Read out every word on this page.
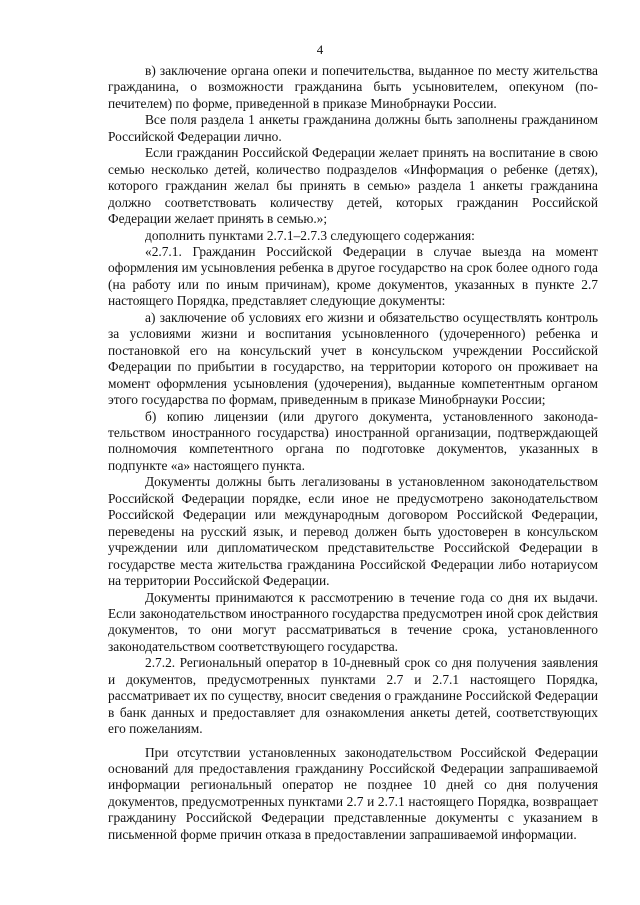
4

в) заключение органа опеки и попечительства, выданное по месту жительства гражданина, о возможности гражданина быть усыновителем, опекуном (попечителем) по форме, приведенной в приказе Минобрнауки России.

Все поля раздела 1 анкеты гражданина должны быть заполнены гражданином Российской Федерации лично.

Если гражданин Российской Федерации желает принять на воспитание в свою семью несколько детей, количество подразделов «Информация о ребенке (детях), которого гражданин желал бы принять в семью» раздела 1 анкеты гражданина должно соответствовать количеству детей, которых гражданин Российской Федерации желает принять в семью.»;

дополнить пунктами 2.7.1–2.7.3 следующего содержания:

«2.7.1. Гражданин Российской Федерации в случае выезда на момент оформления им усыновления ребенка в другое государство на срок более одного года (на работу или по иным причинам), кроме документов, указанных в пункте 2.7 настоящего Порядка, представляет следующие документы:

а) заключение об условиях его жизни и обязательство осуществлять контроль за условиями жизни и воспитания усыновленного (удочеренного) ребенка и постановкой его на консульский учет в консульском учреждении Российской Федерации по прибытии в государство, на территории которого он проживает на момент оформления усыновления (удочерения), выданные компетентным органом этого государства по формам, приведенным в приказе Минобрнауки России;

б) копию лицензии (или другого документа, установленного законодательством иностранного государства) иностранной организации, подтверждающей полномочия компетентного органа по подготовке документов, указанных в подпункте «а» настоящего пункта.

Документы должны быть легализованы в установленном законодательством Российской Федерации порядке, если иное не предусмотрено законодательством Российской Федерации или международным договором Российской Федерации, переведены на русский язык, и перевод должен быть удостоверен в консульском учреждении или дипломатическом представительстве Российской Федерации в государстве места жительства гражданина Российской Федерации либо нотариусом на территории Российской Федерации.

Документы принимаются к рассмотрению в течение года со дня их выдачи. Если законодательством иностранного государства предусмотрен иной срок действия документов, то они могут рассматриваться в течение срока, установленного законодательством соответствующего государства.

2.7.2. Региональный оператор в 10-дневный срок со дня получения заявления и документов, предусмотренных пунктами 2.7 и 2.7.1 настоящего Порядка, рассматривает их по существу, вносит сведения о гражданине Российской Федерации в банк данных и предоставляет для ознакомления анкеты детей, соответствующих его пожеланиям.

При отсутствии установленных законодательством Российской Федерации оснований для предоставления гражданину Российской Федерации запрашиваемой информации региональный оператор не позднее 10 дней со дня получения документов, предусмотренных пунктами 2.7 и 2.7.1 настоящего Порядка, возвращает гражданину Российской Федерации представленные документы с указанием в письменной форме причин отказа в предоставлении запрашиваемой информации.
